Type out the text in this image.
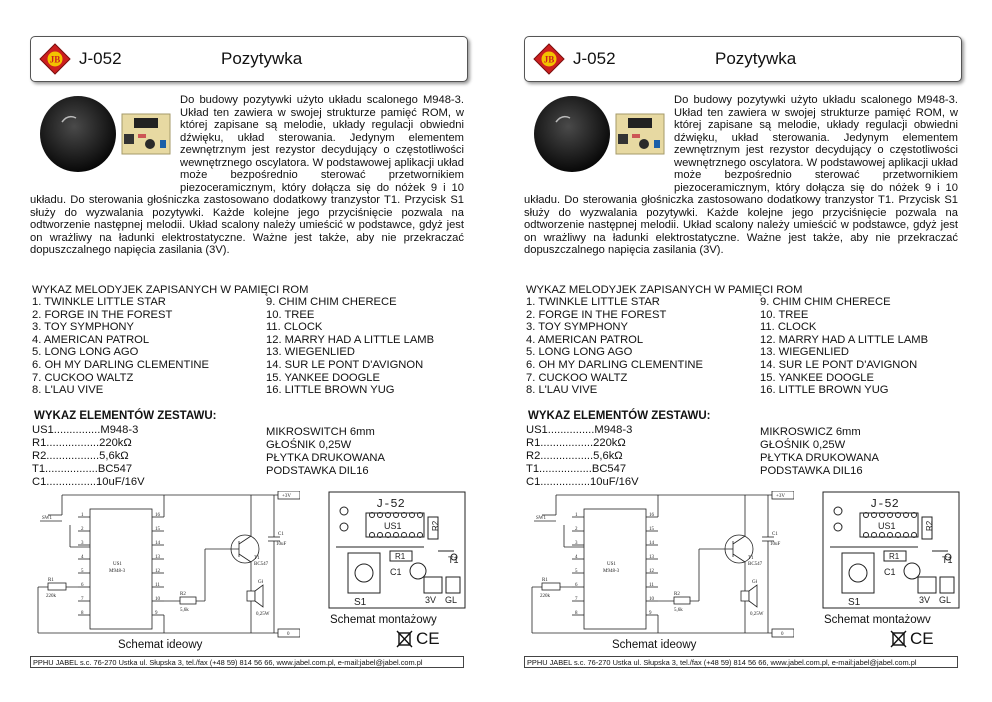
JB J-052	Pozytywka

Do budowy pozytywki użyto układu scalonego M948-3. Układ ten zawiera w swojej strukturze pamięć ROM, w której zapisane są melodie, układy regulacji obwiedni dźwięku, układ sterowania. Jedynym elementem zewnętrznym jest rezystor decydujący o częstotliwości wewnętrznego oscylatora. W podstawowej aplikacji układ może bezpośrednio sterować przetwornikiem piezoceramicznym, który dołącza się do nóżek 9 i 10 układu. Do sterowania głośniczka zastosowano dodatkowy tranzystor T1. Przycisk S1 służy do wyzwalania pozytywki. Każde kolejne jego przyciśnięcie pozwala na odtworzenie następnej melodii. Układ scalony należy umieścić w podstawce, gdyż jest on wrażliwy na ładunki elektrostatyczne. Ważne jest także, aby nie przekraczać dopuszczalnego napięcia zasilania (3V).

WYKAZ MELODYJEK ZAPISANYCH W PAMIĘCI ROM
1. TWINKLE LITTLE STAR
2. FORGE IN THE FOREST
3. TOY SYMPHONY
4. AMERICAN PATROL
5. LONG LONG AGO
6. OH MY DARLING CLEMENTINE
7. CUCKOO WALTZ
8. L'LAU VIVE
9. CHIM CHIM CHERECE
10. TREE
11. CLOCK
12. MARRY HAD A LITTLE LAMB
13. WIEGENLIED
14. SUR LE PONT D'AVIGNON
15. YANKEE DOOGLE
16. LITTLE BROWN YUG
WYKAZ ELEMENTÓW ZESTAWU:
US1...............M948-3
R1.................220kΩ
R2.................5,6kΩ
T1.................BC547
C1................10uF/16V
MIKROSWITCH 6mm
GŁOŚNIK 0,25W
PŁYTKA DRUKOWANA
PODSTAWKA DIL16
SW1
US1
M948-3
R1
220k	R2
5,6k
T1
BC547
Gł
0,25W
C1
10uF
+3V
0
1
2
3
4
5
6
7
8
16
15
14
13
12
11
10
9
J-52
US1	R2
R1	T1
C1
S1	3V GL
Schemat montażowy
CE
Schemat ideowy
PPHU JABEL s.c. 76-270 Ustka ul. Słupska 3, tel./fax (+48 59) 814 56 66, www.jabel.com.pl, e-mail:jabel@jabel.com.pl
JB J-052	Pozytywka

Do budowy pozytywki użyto układu scalonego M948-3. Układ ten zawiera w swojej strukturze pamięć ROM, w której zapisane są melodie, układy regulacji obwiedni dźwięku, układ sterowania. Jedynym elementem zewnętrznym jest rezystor decydujący o częstotliwości wewnętrznego oscylatora. W podstawowej aplikacji układ może bezpośrednio sterować przetwornikiem piezoceramicznym, który dołącza się do nóżek 9 i 10 układu. Do sterowania głośniczka zastosowano dodatkowy tranzystor T1. Przycisk S1 służy do wyzwalania pozytywki. Każde kolejne jego przyciśnięcie pozwala na odtworzenie następnej melodii. Układ scalony należy umieścić w podstawce, gdyż jest on wrażliwy na ładunki elektrostatyczne. Ważne jest także, aby nie przekraczać dopuszczalnego napięcia zasilania (3V).

WYKAZ MELODYJEK ZAPISANYCH W PAMIĘCI ROM
1. TWINKLE LITTLE STAR
2. FORGE IN THE FOREST
3. TOY SYMPHONY
4. AMERICAN PATROL
5. LONG LONG AGO
6. OH MY DARLING CLEMENTINE
7. CUCKOO WALTZ
8. L'LAU VIVE
9. CHIM CHIM CHERECE
10. TREE
11. CLOCK
12. MARRY HAD A LITTLE LAMB
13. WIEGENLIED
14. SUR LE PONT D'AVIGNON
15. YANKEE DOOGLE
16. LITTLE BROWN YUG
WYKAZ ELEMENTÓW ZESTAWU:
US1...............M948-3
R1.................220kΩ
R2.................5,6kΩ
T1.................BC547
C1................10uF/16V
MIKROSWICZ 6mm
GŁOŚNIK 0,25W
PŁYTKA DRUKOWANA
PODSTAWKA DIL16
SW1
US1
M948-3
R1
220k	R2
5,6k
T1
BC547
Gł
0,25W
C1
10uF
+3V
0
1
2
3
4
5
6
7
8
16
15
14
13
12
11
10
9
J-52
US1	R2
R1	T1
C1
S1	3V GL
Schemat montażowv
CE
Schemat ideowy
PPHU JABEL s.c. 76-270 Ustka ul. Słupska 3, tel./fax (+48 59) 814 56 66, www.jabel.com.pl, e-mail:jabel@jabel.com.pl
